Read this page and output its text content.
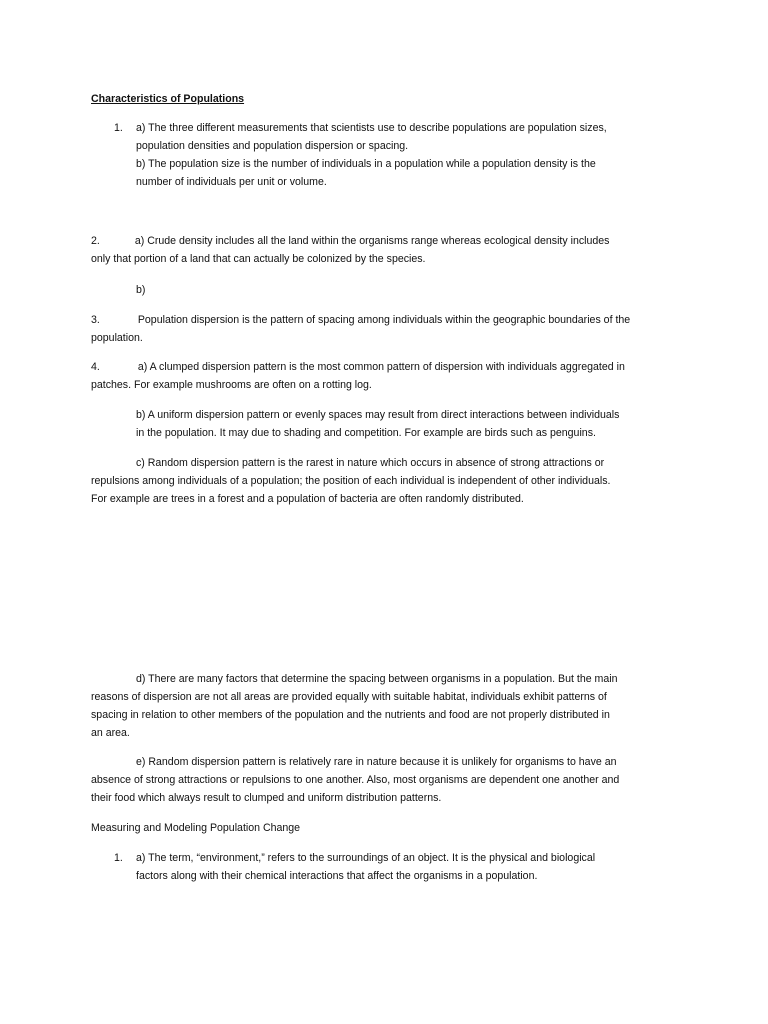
Characteristics of Populations
1. a) The three different measurements that scientists use to describe populations are population sizes,
population densities and population dispersion or spacing.
b) The population size is the number of individuals in a population while a population density is the
number of individuals per unit or volume.
2.	a) Crude density includes all the land within the organisms range whereas ecological density includes
only that portion of a land that can actually be colonized by the species.
b)
3.	Population dispersion is the pattern of spacing among individuals within the geographic boundaries of the
population.
4.	a) A clumped dispersion pattern is the most common pattern of dispersion with individuals aggregated in
patches. For example mushrooms are often on a rotting log.
b) A uniform dispersion pattern or evenly spaces may result from direct interactions between individuals
in the population. It may due to shading and competition. For example are birds such as penguins.
c) Random dispersion pattern is the rarest in nature which occurs in absence of strong attractions or
repulsions among individuals of a population; the position of each individual is independent of other individuals.
For example are trees in a forest and a population of bacteria are often randomly distributed.
d) There are many factors that determine the spacing between organisms in a population. But the main
reasons of dispersion are not all areas are provided equally with suitable habitat, individuals exhibit patterns of
spacing in relation to other members of the population and the nutrients and food are not properly distributed in
an area.
e) Random dispersion pattern is relatively rare in nature because it is unlikely for organisms to have an
absence of strong attractions or repulsions to one another. Also, most organisms are dependent one another and
their food which always result to clumped and uniform distribution patterns.
Measuring and Modeling Population Change
1. a) The term, “environment,” refers to the surroundings of an object. It is the physical and biological
factors along with their chemical interactions that affect the organisms in a population.
